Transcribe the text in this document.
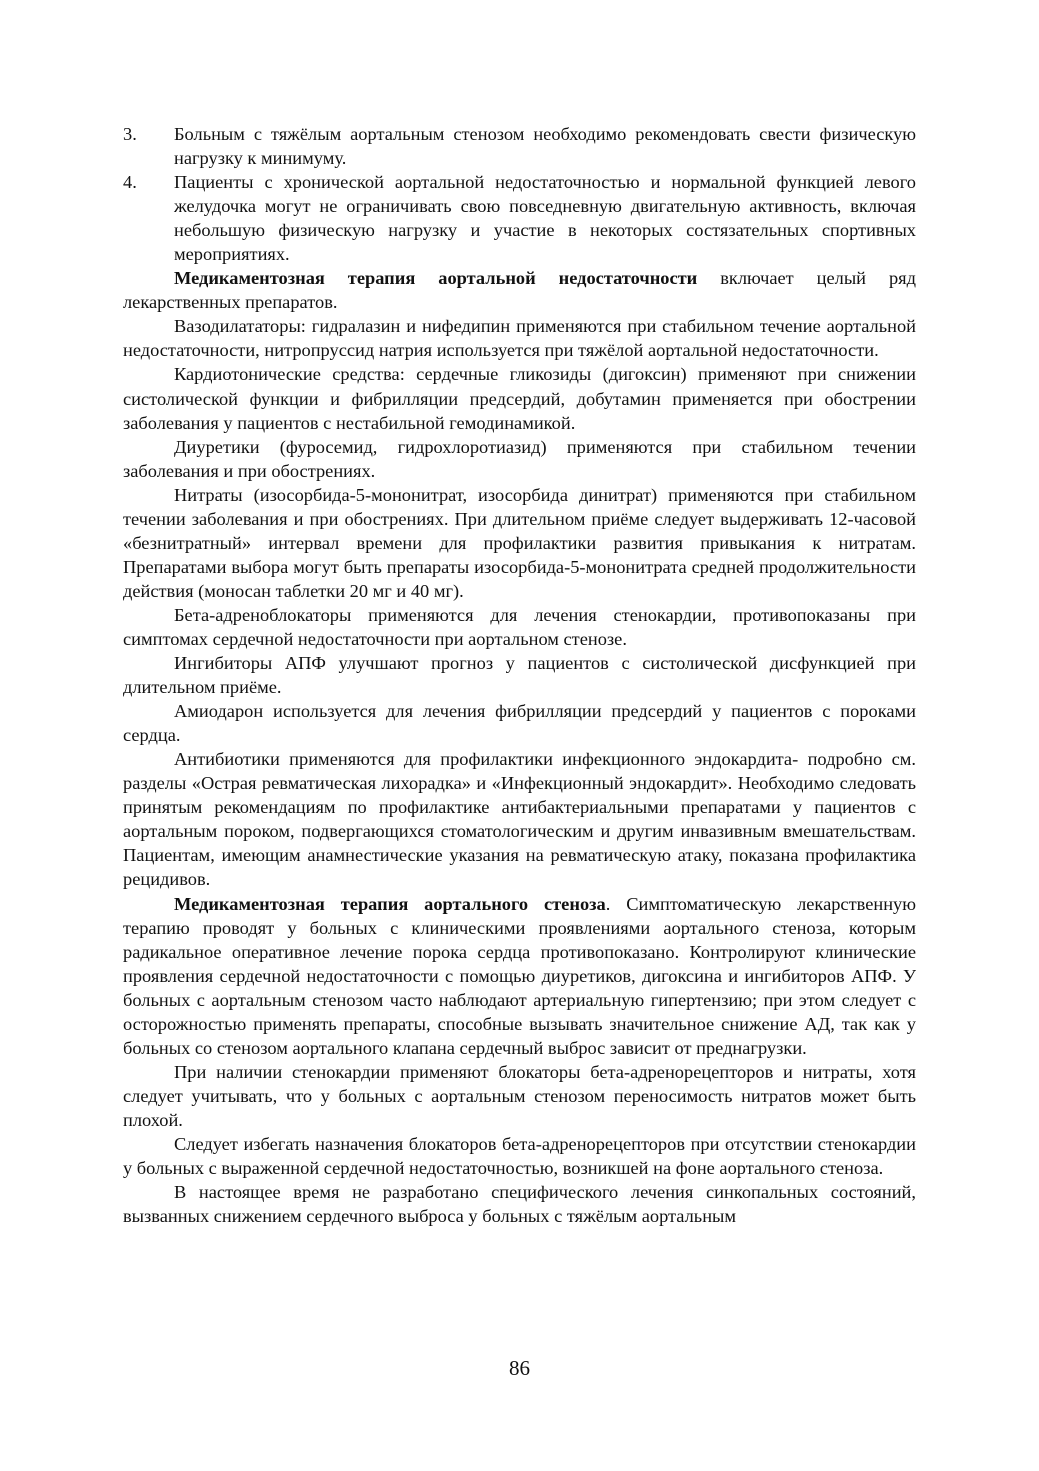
3. Больным с тяжёлым аортальным стенозом необходимо рекомендовать свести физическую нагрузку к минимуму.

4. Пациенты с хронической аортальной недостаточностью и нормальной функцией левого желудочка могут не ограничивать свою повседневную двигательную активность, включая небольшую физическую нагрузку и участие в некоторых состязательных спортивных мероприятиях.

Медикаментозная терапия аортальной недостаточности включает целый ряд лекарственных препаратов.

Вазодилататоры: гидралазин и нифедипин применяются при стабильном течение аортальной недостаточности, нитропруссид натрия используется при тяжёлой аортальной недостаточности.

Кардиотонические средства: сердечные гликозиды (дигоксин) применяют при снижении систолической функции и фибрилляции предсердий, добутамин применяется при обострении заболевания у пациентов с нестабильной гемодинамикой.

Диуретики (фуросемид, гидрохлоротиазид) применяются при стабильном течении заболевания и при обострениях.

Нитраты (изосорбида-5-мононитрат, изосорбида динитрат) применяются при стабильном течении заболевания и при обострениях. При длительном приёме следует выдерживать 12-часовой «безнитратный» интервал времени для профилактики развития привыкания к нитратам. Препаратами выбора могут быть препараты изосорбида-5-мононитрата средней продолжительности действия (моносан таблетки 20 мг и 40 мг).

Бета-адреноблокаторы применяются для лечения стенокардии, противопоказаны при симптомах сердечной недостаточности при аортальном стенозе.

Ингибиторы АПФ улучшают прогноз у пациентов с систолической дисфункцией при длительном приёме.

Амиодарон используется для лечения фибрилляции предсердий у пациентов с пороками сердца.

Антибиотики применяются для профилактики инфекционного эндокардита- подробно см. разделы «Острая ревматическая лихорадка» и «Инфекционный эндокардит». Необходимо следовать принятым рекомендациям по профилактике антибактериальными препаратами у пациентов с аортальным пороком, подвергающихся стоматологическим и другим инвазивным вмешательствам. Пациентам, имеющим анамнестические указания на ревматическую атаку, показана профилактика рецидивов.

Медикаментозная терапия аортального стеноза. Симптоматическую лекарственную терапию проводят у больных с клиническими проявлениями аортального стеноза, которым радикальное оперативное лечение порока сердца противопоказано. Контролируют клинические проявления сердечной недостаточности с помощью диуретиков, дигоксина и ингибиторов АПФ. У больных с аортальным стенозом часто наблюдают артериальную гипертензию; при этом следует с осторожностью применять препараты, способные вызывать значительное снижение АД, так как у больных со стенозом аортального клапана сердечный выброс зависит от преднагрузки.

При наличии стенокардии применяют блокаторы бета-адренорецепторов и нитраты, хотя следует учитывать, что у больных с аортальным стенозом переносимость нитратов может быть плохой.

Следует избегать назначения блокаторов бета-адренорецепторов при отсутствии стенокардии у больных с выраженной сердечной недостаточностью, возникшей на фоне аортального стеноза.

В настоящее время не разработано специфического лечения синкопальных состояний, вызванных снижением сердечного выброса у больных с тяжёлым аортальным

86
